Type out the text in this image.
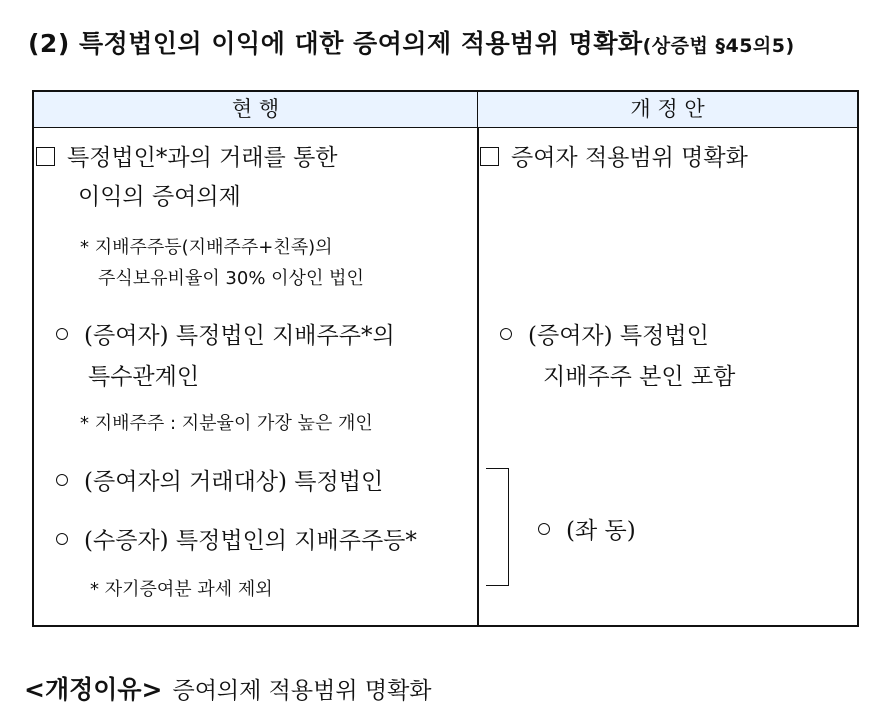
(2) 특정법인의 이익에 대한 증여의제 적용범위 명확화(상증법 §45의5)
현 행	개 정 안
특정법인*과의 거래를 통한
이익의 증여의제
* 지배주주등(지배주주+친족)의
주식보유비율이 30% 이상인 법인
(증여자) 특정법인 지배주주*의
특수관계인
* 지배주주 : 지분율이 가장 높은 개인
(증여자의 거래대상) 특정법인
(수증자) 특정법인의 지배주주등*
* 자기증여분 과세 제외
증여자 적용범위 명확화
(증여자) 특정법인
지배주주 본인 포함
(좌 동)
<개정이유> 증여의제 적용범위 명확화
